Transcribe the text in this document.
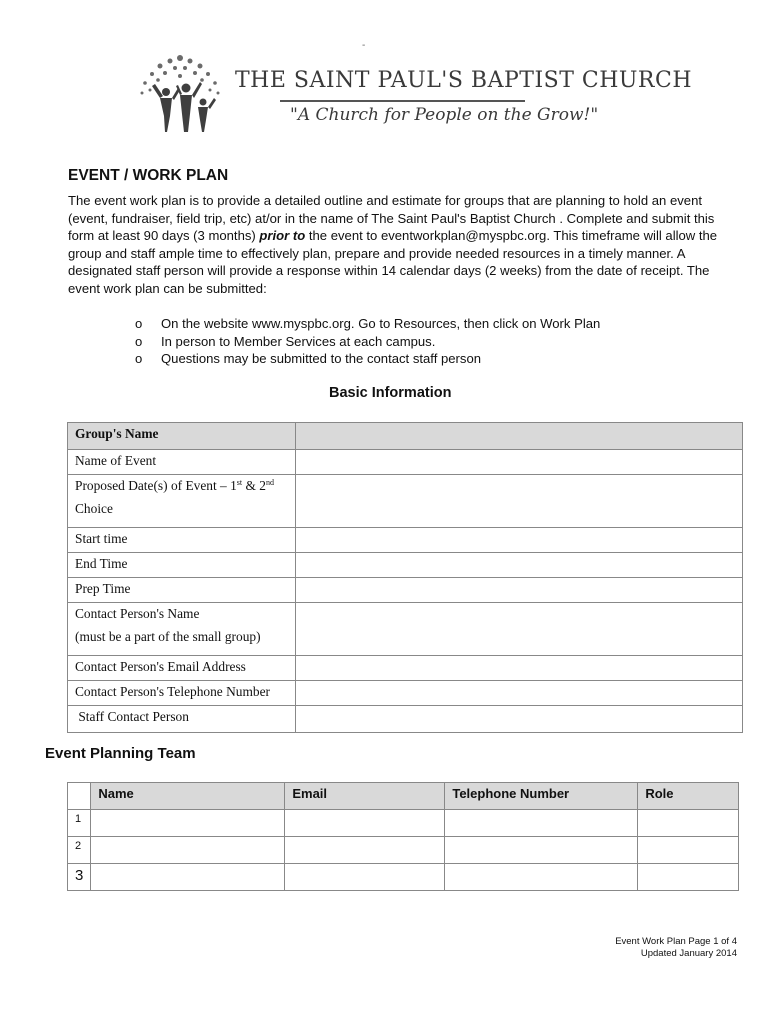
-
THE SAINT PAUL'S BAPTIST CHURCH
"A Church for People on the Grow!"
EVENT / WORK PLAN

The event work plan is to provide a detailed outline and estimate for groups that are planning to hold an event (event, fundraiser, field trip, etc) at/or in the name of The Saint Paul's Baptist Church . Complete and submit this form at least 90 days (3 months) prior to the event to eventworkplan@myspbc.org. This timeframe will allow the group and staff ample time to effectively plan, prepare and provide needed resources in a timely manner. A designated staff person will provide a response within 14 calendar days (2 weeks) from the date of receipt. The event work plan can be submitted:

o	On the website www.myspbc.org. Go to Resources, then click on Work Plan
o	In person to Member Services at each campus.
o	Questions may be submitted to the contact staff person
Basic Information
Group's Name	
Name of Event	
Proposed Date(s) of Event – 1st & 2nd
Choice	
Start time	
End Time	
Prep Time	
Contact Person's Name
(must be a part of the small group)	
Contact Person's Email Address	
Contact Person's Telephone Number	
Staff Contact Person	
Event Planning Team
	Name	Email	Telephone Number	Role
1				
2				
3				
Event Work Plan Page 1 of 4
Updated January 2014
